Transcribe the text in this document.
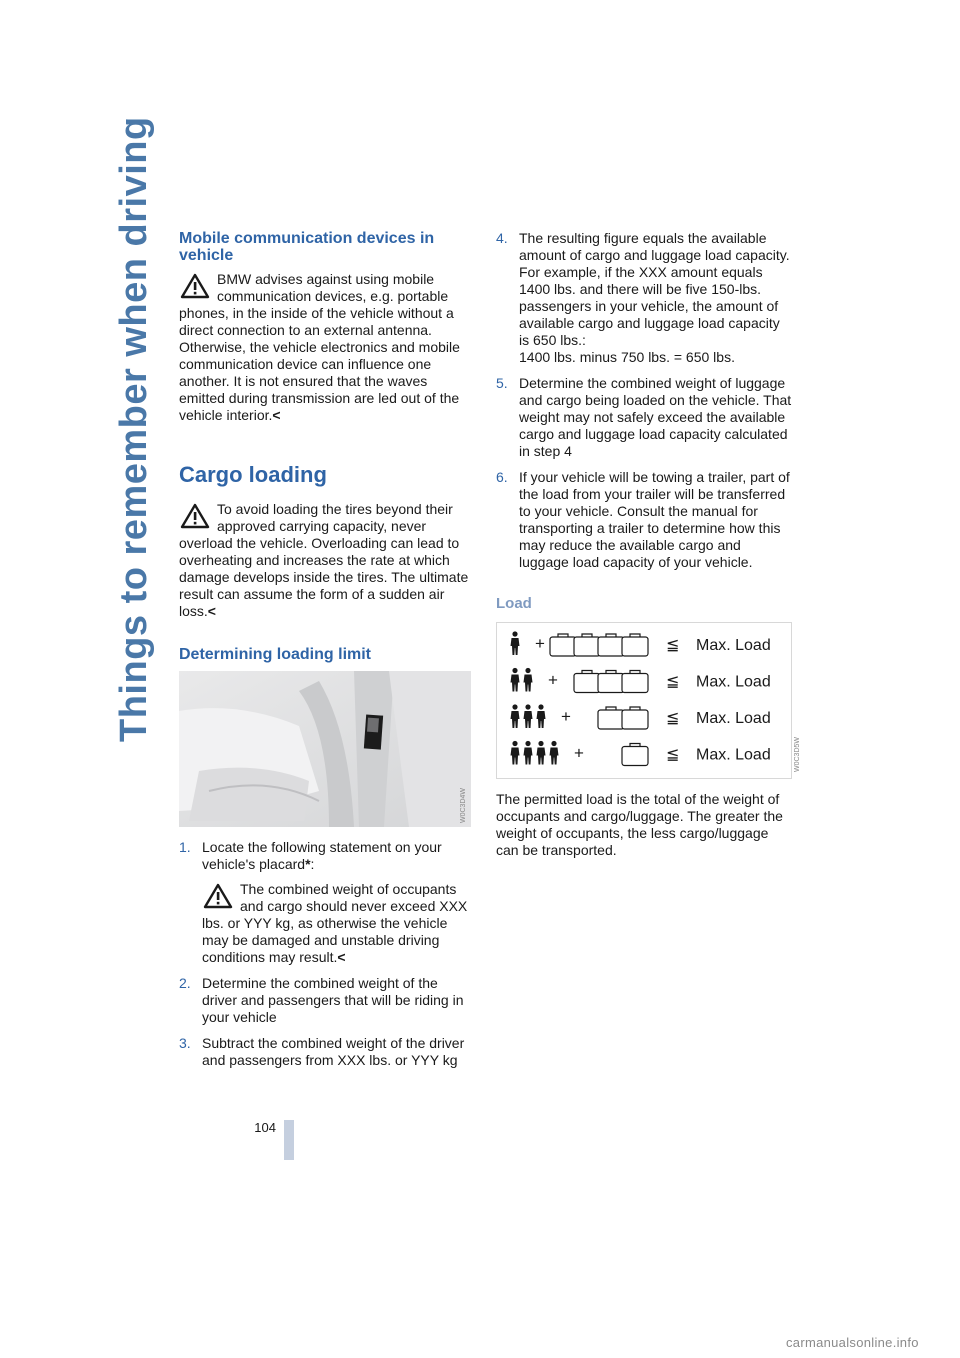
Things to remember when driving Mobile communication devices in vehicle
BMW advises against using mobile communication devices, e.g. portable phones, in the inside of the vehicle without a direct connection to an external antenna. Otherwise, the vehicle electronics and mobile communication device can influence one another. It is not ensured that the waves emitted during transmission are led out of the vehicle interior.<
Cargo loading
To avoid loading the tires beyond their approved carrying capacity, never overload the vehicle. Overloading can lead to overheating and increases the rate at which damage develops inside the tires. The ultimate result can assume the form of a sudden air loss.<
Determining loading limit
W0C3D4W
1. Locate the following statement on your vehicle's placard*:
The combined weight of occupants and cargo should never exceed XXX lbs. or YYY kg, as otherwise the vehicle may be damaged and unstable driving conditions may result.<
2. Determine the combined weight of the driver and passengers that will be riding in your vehicle
3. Subtract the combined weight of the driver and passengers from XXX lbs. or YYY kg
4. The resulting figure equals the available amount of cargo and luggage load capacity.
For example, if the XXX amount equals 1400 lbs. and there will be five 150-lbs. passengers in your vehicle, the amount of available cargo and luggage load capacity is 650 lbs.:
1400 lbs. minus 750 lbs. = 650 lbs.
5. Determine the combined weight of luggage and cargo being loaded on the vehicle. That weight may not safely exceed the available cargo and luggage load capacity calculated in step 4
6. If your vehicle will be towing a trailer, part of the load from your trailer will be transferred to your vehicle. Consult the manual for transporting a trailer to determine how this may reduce the available cargo and luggage load capacity of your vehicle.
Load
+	≦ Max. Load
+	≦ Max. Load
+	≦ Max. Load
+	≦ Max. Load	W0C3D5W

The permitted load is the total of the weight of occupants and cargo/luggage. The greater the weight of occupants, the less cargo/luggage can be transported.

104
carmanualsonline.info
